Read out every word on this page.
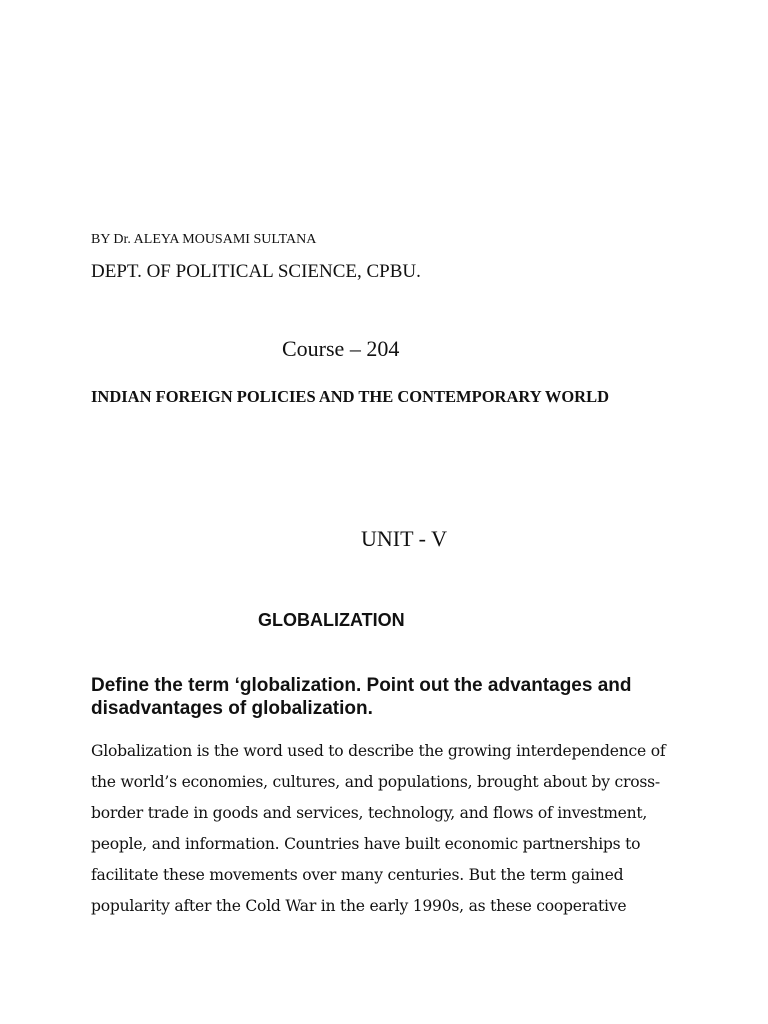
BY Dr. ALEYA MOUSAMI SULTANA
DEPT. OF POLITICAL SCIENCE, CPBU.
Course – 204
INDIAN FOREIGN POLICIES AND THE CONTEMPORARY WORLD
UNIT - V
GLOBALIZATION
Define the term ‘globalization. Point out the advantages and disadvantages of globalization.
Globalization is the word used to describe the growing interdependence of
the world’s economies, cultures, and populations, brought about by cross-
border trade in goods and services, technology, and flows of investment,
people, and information. Countries have built economic partnerships to
facilitate these movements over many centuries. But the term gained
popularity after the Cold War in the early 1990s, as these cooperative
